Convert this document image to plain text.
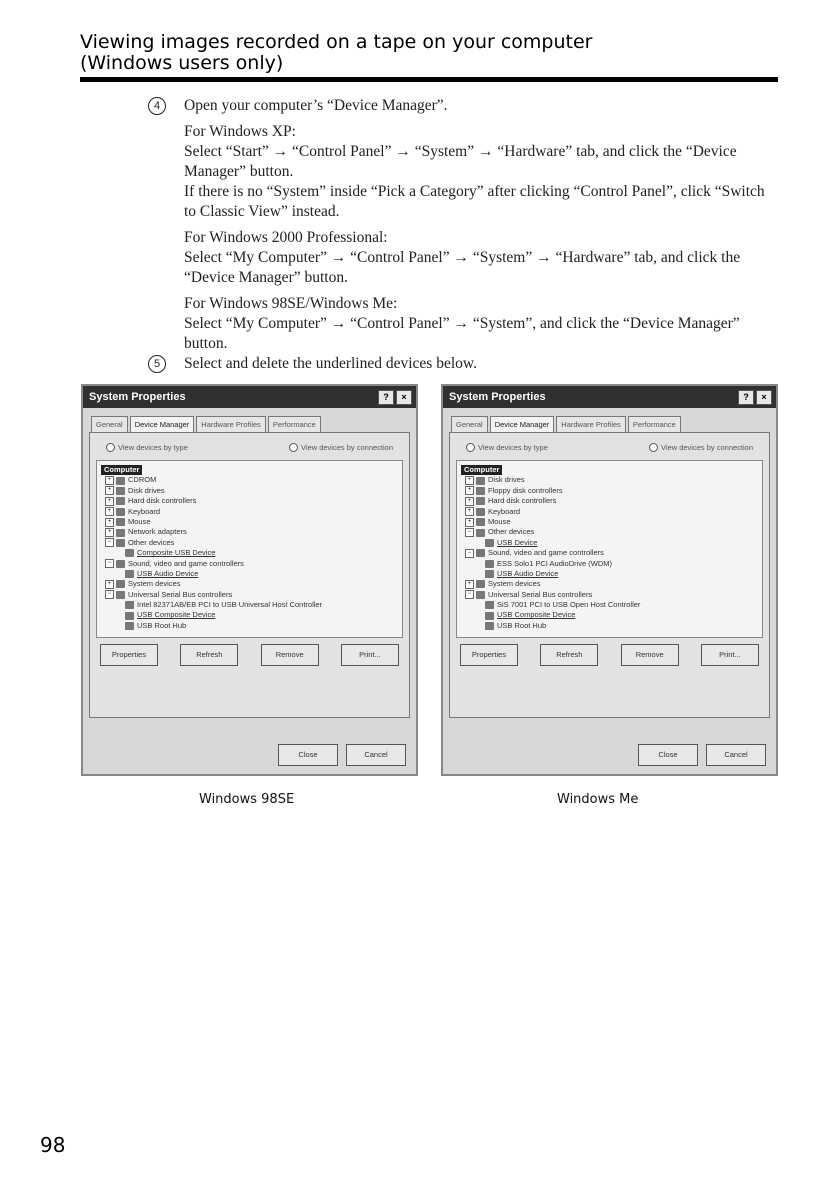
Viewing images recorded on a tape on your computer
(Windows users only)
4	Open your computer’s “Device Manager”.

For Windows XP:

Select “Start” → “Control Panel” → “System” → “Hardware” tab, and click the “Device Manager” button.

If there is no “System” inside “Pick a Category” after clicking “Control Panel”, click “Switch to Classic View” instead.

For Windows 2000 Professional:

Select “My Computer” → “Control Panel” → “System” → “Hardware” tab, and click the “Device Manager” button.

For Windows 98SE/Windows Me:

Select “My Computer” → “Control Panel” → “System”, and click the “Device Manager” button.

5	Select and delete the underlined devices below.

System Properties	?	×
General	Device Manager	Hardware Profiles	Performance
View devices by type	View devices by connection
Computer
+	CDROM
+	Disk drives
+	Hard disk controllers
+	Keyboard
+	Mouse
+	Network adapters
−	Other devices
Composite USB Device
−	Sound, video and game controllers
USB Audio Device
+	System devices
−	Universal Serial Bus controllers
Intel 82371AB/EB PCI to USB Universal Host Controller
USB Composite Device
USB Root Hub
Properties	Refresh	Remove	Print...
Close	Cancel
System Properties	?	×
General	Device Manager	Hardware Profiles	Performance
View devices by type	View devices by connection
Computer
+	Disk drives
+	Floppy disk controllers
+	Hard disk controllers
+	Keyboard
+	Mouse
−	Other devices
USB Device
−	Sound, video and game controllers
ESS Solo1 PCI AudioDrive (WDM)
USB Audio Device
+	System devices
−	Universal Serial Bus controllers
SiS 7001 PCI to USB Open Host Controller
USB Composite Device
USB Root Hub
Properties	Refresh	Remove	Print...
Close	Cancel
Windows 98SE	Windows Me
98
